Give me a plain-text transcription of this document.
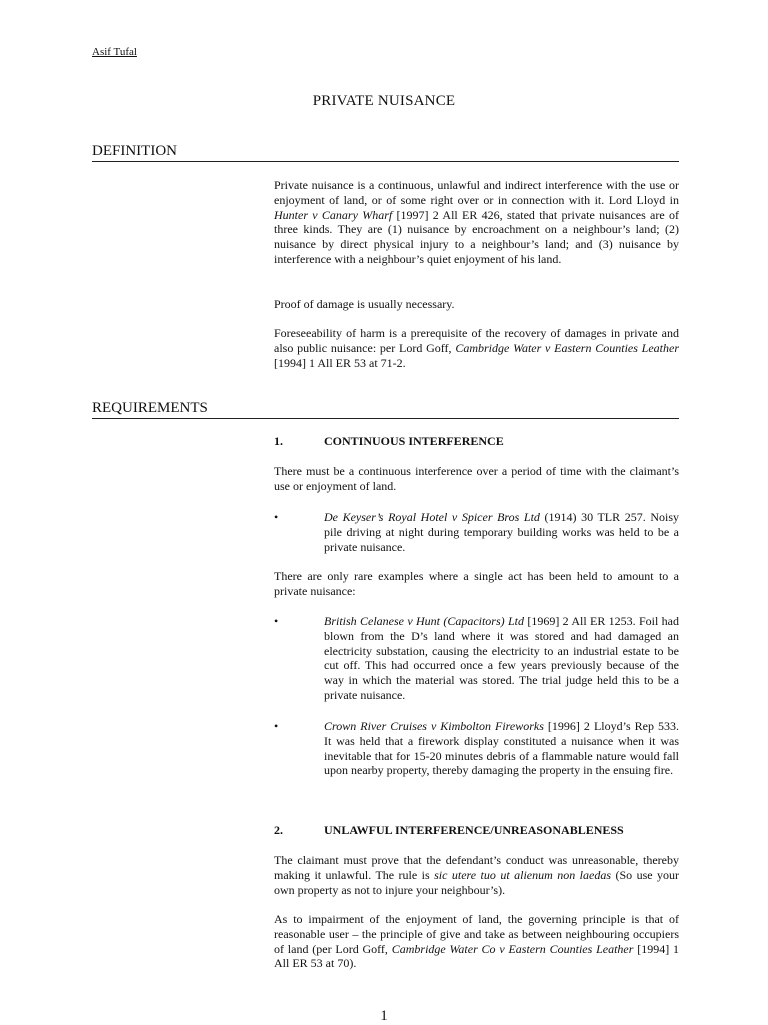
Asif Tufal
PRIVATE NUISANCE
DEFINITION

Private nuisance is a continuous, unlawful and indirect interference with the use or enjoyment of land, or of some right over or in connection with it. Lord Lloyd in Hunter v Canary Wharf [1997] 2 All ER 426, stated that private nuisances are of three kinds. They are (1) nuisance by encroachment on a neighbour’s land; (2) nuisance by direct physical injury to a neighbour’s land; and (3) nuisance by interference with a neighbour’s quiet enjoyment of his land.

Proof of damage is usually necessary.

Foreseeability of harm is a prerequisite of the recovery of damages in private and also public nuisance: per Lord Goff, Cambridge Water v Eastern Counties Leather [1994] 1 All ER 53 at 71-2.

REQUIREMENTS
1.	CONTINUOUS INTERFERENCE

There must be a continuous interference over a period of time with the claimant’s use or enjoyment of land.

•	De Keyser’s Royal Hotel v Spicer Bros Ltd (1914) 30 TLR 257. Noisy pile driving at night during temporary building works was held to be a private nuisance.

There are only rare examples where a single act has been held to amount to a private nuisance:

•	British Celanese v Hunt (Capacitors) Ltd [1969] 2 All ER 1253. Foil had blown from the D’s land where it was stored and had damaged an electricity substation, causing the electricity to an industrial estate to be cut off. This had occurred once a few years previously because of the way in which the material was stored. The trial judge held this to be a private nuisance.
•	Crown River Cruises v Kimbolton Fireworks [1996] 2 Lloyd’s Rep 533. It was held that a firework display constituted a nuisance when it was inevitable that for 15-20 minutes debris of a flammable nature would fall upon nearby property, thereby damaging the property in the ensuing fire.
2.	UNLAWFUL INTERFERENCE/UNREASONABLENESS

The claimant must prove that the defendant’s conduct was unreasonable, thereby making it unlawful. The rule is sic utere tuo ut alienum non laedas (So use your own property as not to injure your neighbour’s).

As to impairment of the enjoyment of land, the governing principle is that of reasonable user – the principle of give and take as between neighbouring occupiers of land (per Lord Goff, Cambridge Water Co v Eastern Counties Leather [1994] 1 All ER 53 at 70).

1
